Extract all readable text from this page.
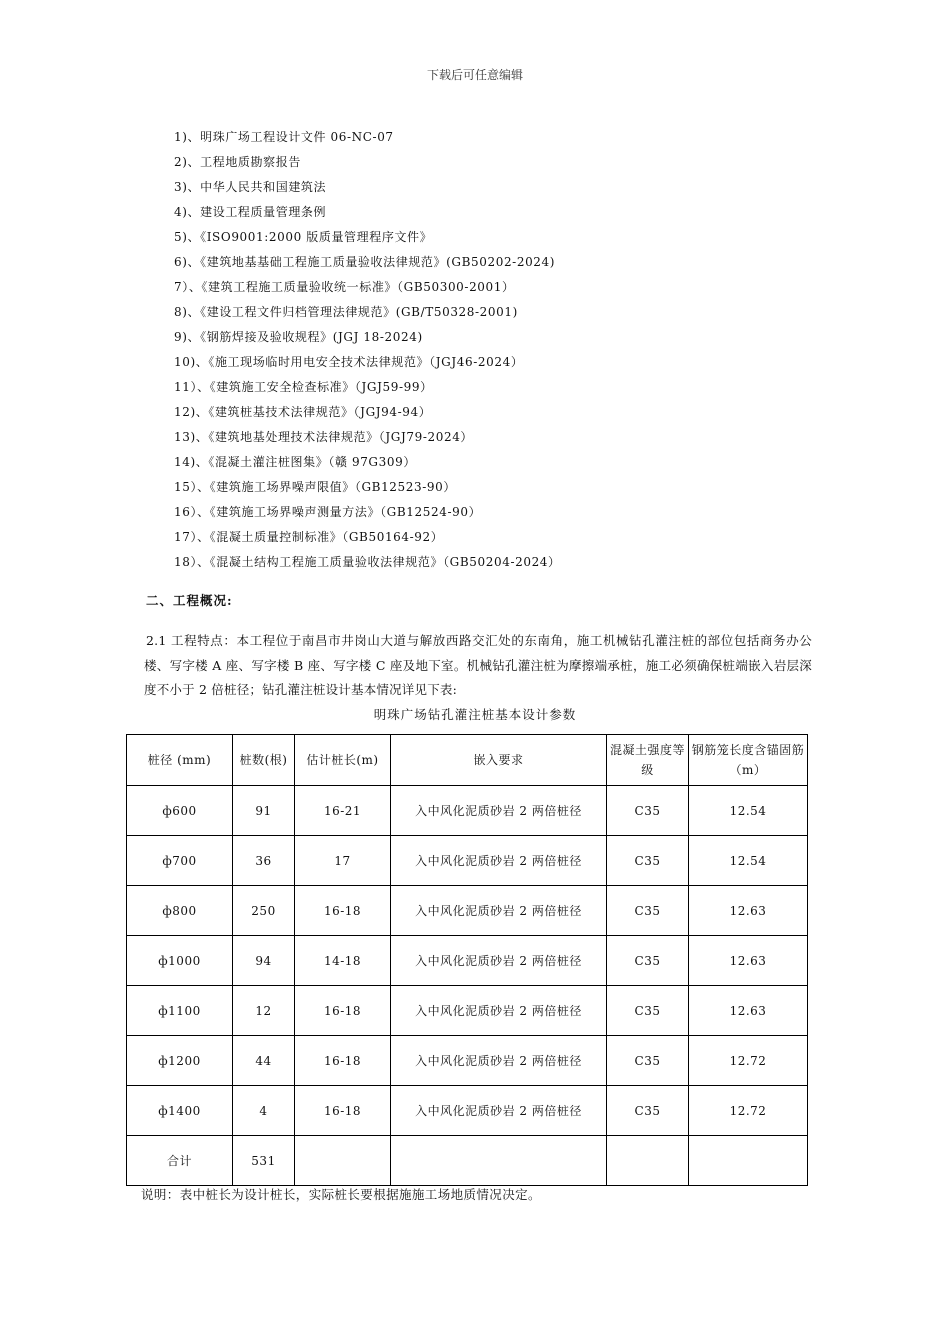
下载后可任意编辑
1)、明珠广场工程设计文件 06-NC-07
2)、工程地质勘察报告
3)、中华人民共和国建筑法
4)、建设工程质量管理条例
5)、《ISO9001:2000 版质量管理程序文件》
6)、《建筑地基基础工程施工质量验收法律规范》(GB50202-2024)
7）、《建筑工程施工质量验收统一标准》（GB50300-2001）
8)、《建设工程文件归档管理法律规范》(GB/T50328-2001)
9)、《钢筋焊接及验收规程》(JGJ 18-2024)
10)、《施工现场临时用电安全技术法律规范》（JGJ46-2024）
11）、《建筑施工安全检查标准》（JGJ59-99）
12)、《建筑桩基技术法律规范》（JGJ94-94）
13)、《建筑地基处理技术法律规范》（JGJ79-2024）
14)、《混凝土灌注桩图集》（赣 97G309）
15）、《建筑施工场界噪声限值》（GB12523-90）
16）、《建筑施工场界噪声测量方法》（GB12524-90）
17）、《混凝土质量控制标准》（GB50164-92）
18）、《混凝土结构工程施工质量验收法律规范》（GB50204-2024）
二、工程概况:
2.1 工程特点：本工程位于南昌市井岗山大道与解放西路交汇处的东南角，施工机械钻孔灌注桩的部位包括商务办公楼、写字楼 A 座、写字楼 B 座、写字楼 C 座及地下室。机械钻孔灌注桩为摩擦端承桩，施工必须确保桩端嵌入岩层深度不小于 2 倍桩径；钻孔灌注桩设计基本情况详见下表:
明珠广场钻孔灌注桩基本设计参数
桩径 (mm)	桩数(根)	估计桩长(m)	嵌入要求	混凝土强度等级	钢筋笼长度含锚固筋（m）
ф600	91	16-21	入中风化泥质砂岩 2 两倍桩径	C35	12.54
ф700	36	17	入中风化泥质砂岩 2 两倍桩径	C35	12.54
ф800	250	16-18	入中风化泥质砂岩 2 两倍桩径	C35	12.63
ф1000	94	14-18	入中风化泥质砂岩 2 两倍桩径	C35	12.63
ф1100	12	16-18	入中风化泥质砂岩 2 两倍桩径	C35	12.63
ф1200	44	16-18	入中风化泥质砂岩 2 两倍桩径	C35	12.72
ф1400	4	16-18	入中风化泥质砂岩 2 两倍桩径	C35	12.72
合计	531				
说明：表中桩长为设计桩长，实际桩长要根据施施工场地质情况决定。
